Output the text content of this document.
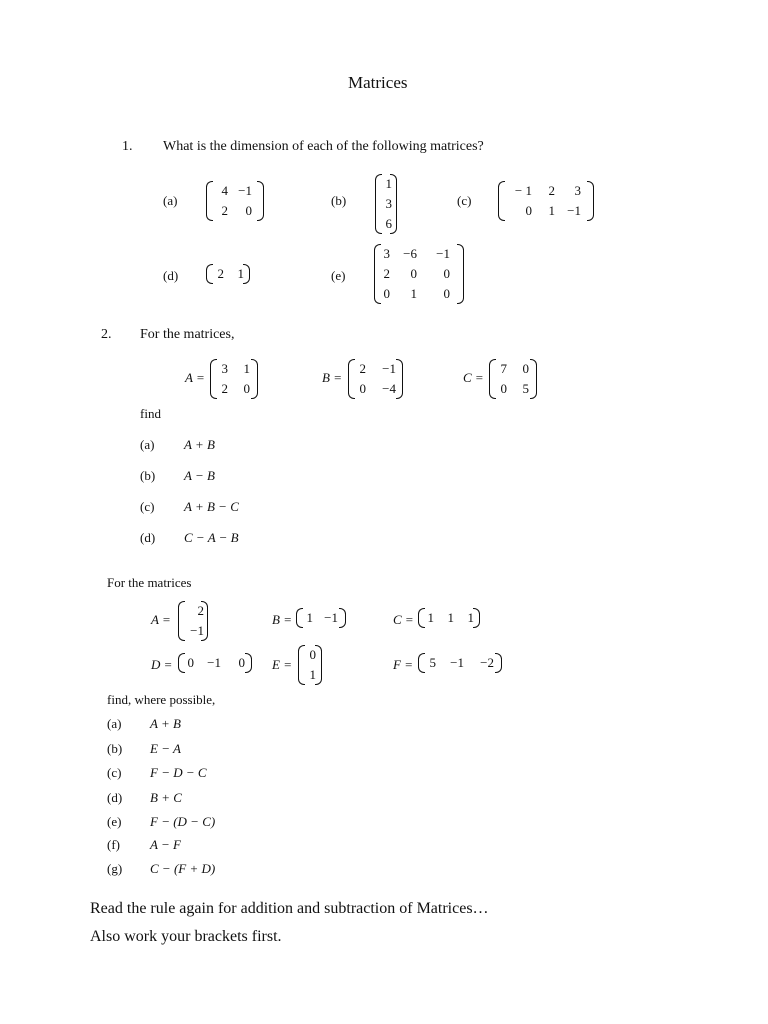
Matrices
1. What is the dimension of each of the following matrices?
(a)
4 −1
2 0
(b)
1
3
6
(c)
− 1 2 3
0 1 −1
(d)	2 1	(e)
3 −6 −1
2 0 0
0 1 0
2. For the matrices,
A =
3 1
2 0
B =
2 −1
0 −4
C =
7 0
0 5
find
(a) A + B
(b) A − B
(c) A + B − C
(d) C − A − B
For the matrices
A =
2
−1
B = 1 −1	C = 1 1 1
D = 0 −1 0 E =
0
1
F = 5 −1 −2
find, where possible,
(a) A + B
(b) E − A
(c) F − D − C
(d) B + C
(e) F − (D − C)
(f) A − F
(g) C − (F + D)
Read the rule again for addition and subtraction of Matrices…
Also work your brackets first.
